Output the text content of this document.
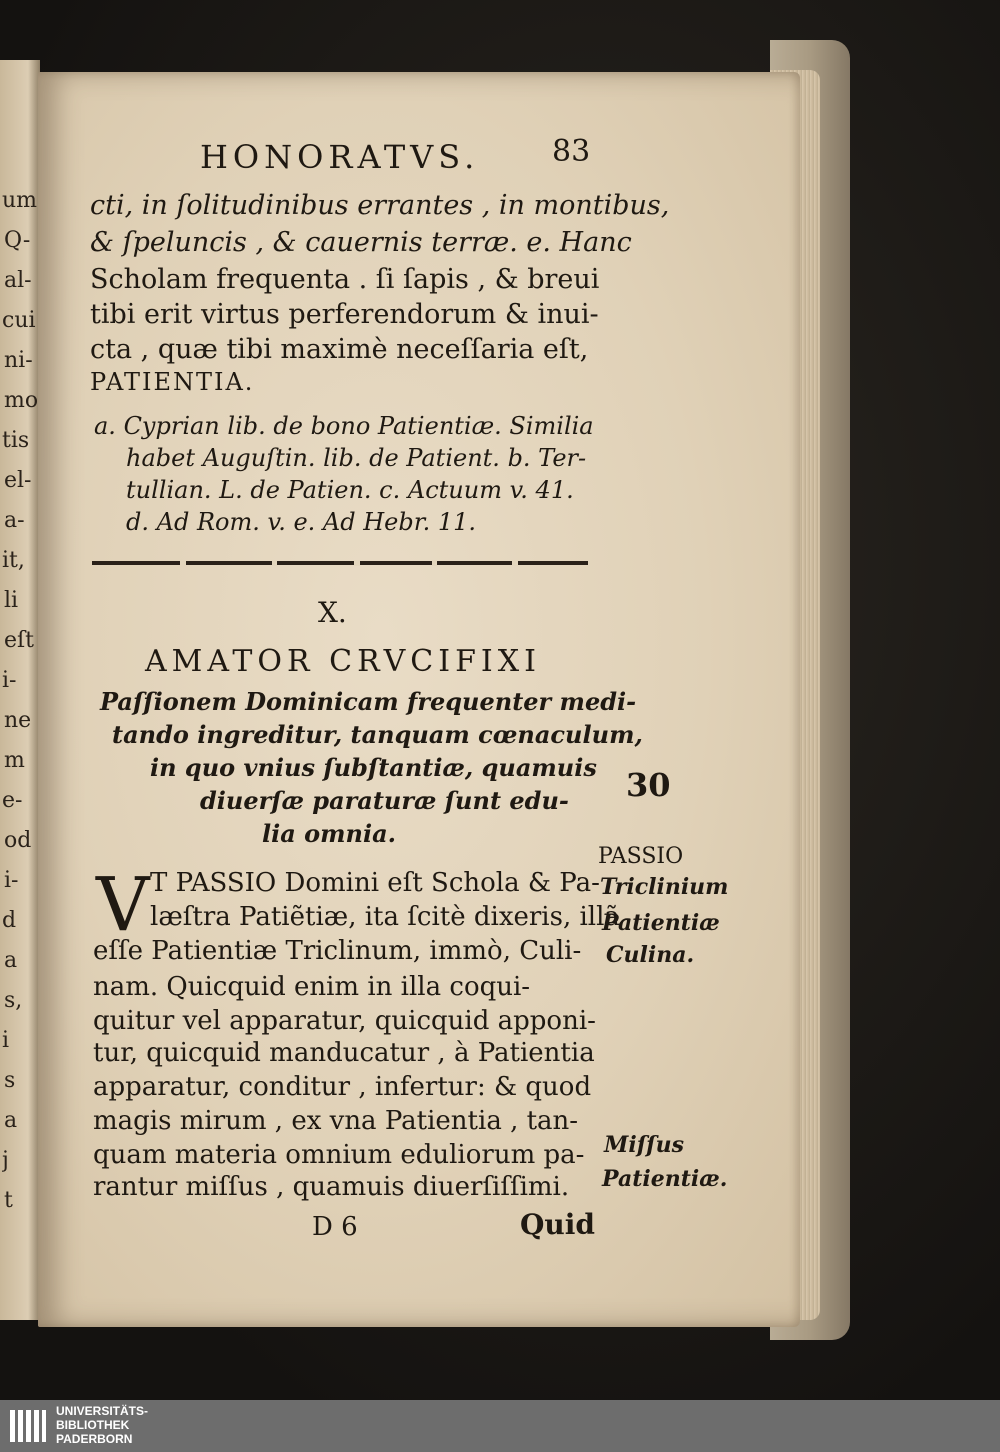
um
Q-
al-
cui
ni-
mo
tis
el-
a-
it,
li
eſt
i-
ne
m
e-
od
i-
d
a
s,
i
s
a
j
t
HONORATVS. 83
cti, in ſolitudinibus errantes , in montibus,
& ſpeluncis , & cauernis terræ. e. Hanc
Scholam frequenta . ſi ſapis , & breui
tibi erit virtus perferendorum & inui-
cta , quæ tibi maximè neceſſaria eſt,
PATIENTIA.
a. Cyprian lib. de bono Patientiæ. Similia
habet Auguſtin. lib. de Patient. b. Ter-
tullian. L. de Patien. c. Actuum v. 41.
d. Ad Rom. v. e. Ad Hebr. 11.
X.
AMATOR CRVCIFIXI
Paſſionem Dominicam frequenter medi-
tando ingreditur, tanquam cœnaculum,
in quo vnius ſubſtantiæ, quamuis
diuerſæ paraturæ ſunt edu-
lia omnia.
V T PASSIO Domini eſt Schola & Pa-
læſtra Patiẽtiæ, ita ſcitè dixeris, illã
eſſe Patientiæ Triclinum, immò, Culi-
nam. Quicquid enim in illa coqui-
quitur vel apparatur, quicquid apponi-
tur, quicquid manducatur , à Patientia
apparatur, conditur , infertur: & quod
magis mirum , ex vna Patientia , tan-
quam materia omnium eduliorum pa-
rantur miſſus , quamuis diuerſiſſimi.
30
PASSIO
Triclinium
Patientiæ
Culina.
Miſſus
Patientiæ.
D 6	Quid
UNIVERSITÄTS-
BIBLIOTHEK
PADERBORN
